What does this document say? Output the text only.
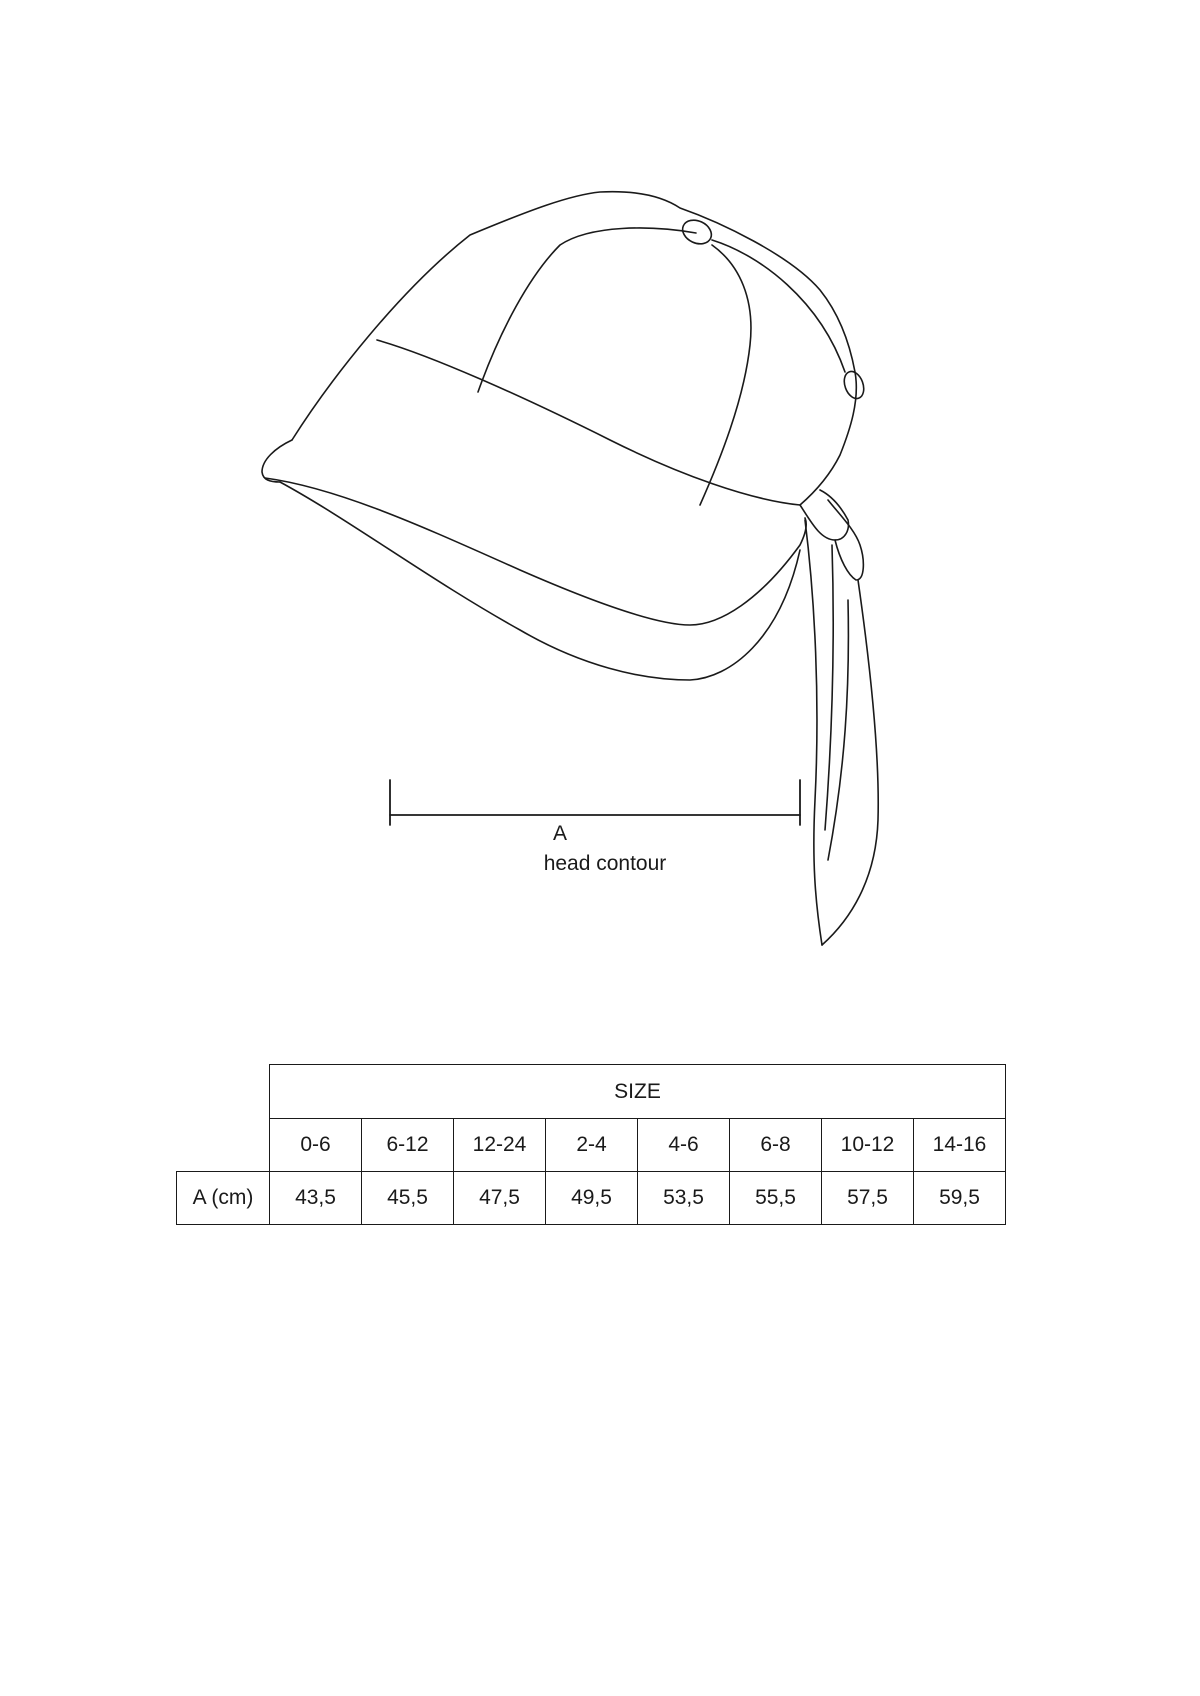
A
head contour
	SIZE							
	0-6	6-12	12-24	2-4	4-6	6-8	10-12	14-16
A (cm)	43,5	45,5	47,5	49,5	53,5	55,5	57,5	59,5
